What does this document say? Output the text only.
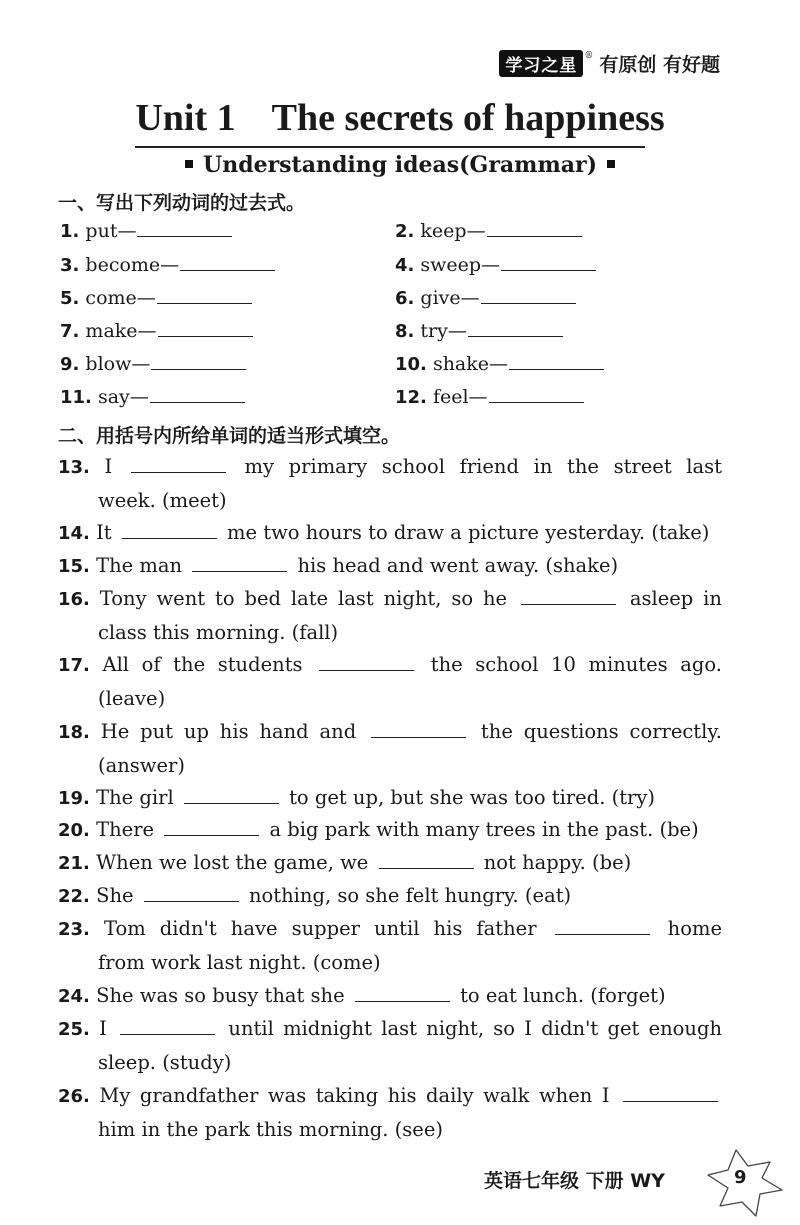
学习之星
® 有原创 有好题
Unit 1 The secrets of happiness
Understanding ideas(Grammar)
一、写出下列动词的过去式。
1. put—	2. keep—
3. become—	4. sweep—
5. come—	6. give—
7. make—	8. try—
9. blow—	10. shake—
11. say—	12. feel—
二、用括号内所给单词的适当形式填空。
13. I	my primary school friend in the street last
week. (meet)
14. It	me two hours to draw a picture yesterday. (take)
15. The man	his head and went away. (shake)
16. Tony went to bed late last night, so he	asleep in
class this morning. (fall)
17. All of the students	the school 10 minutes ago.
(leave)
18. He put up his hand and	the questions correctly.
(answer)
19. The girl	to get up, but she was too tired. (try)
20. There	a big park with many trees in the past. (be)
21. When we lost the game, we	not happy. (be)
22. She	nothing, so she felt hungry. (eat)
23. Tom didn't have supper until his father	home
from work last night. (come)
24. She was so busy that she	to eat lunch. (forget)
25. I	until midnight last night, so I didn't get enough
sleep. (study)
26. My grandfather was taking his daily walk when I
him in the park this morning. (see)
英语七年级 下册 WY	9
